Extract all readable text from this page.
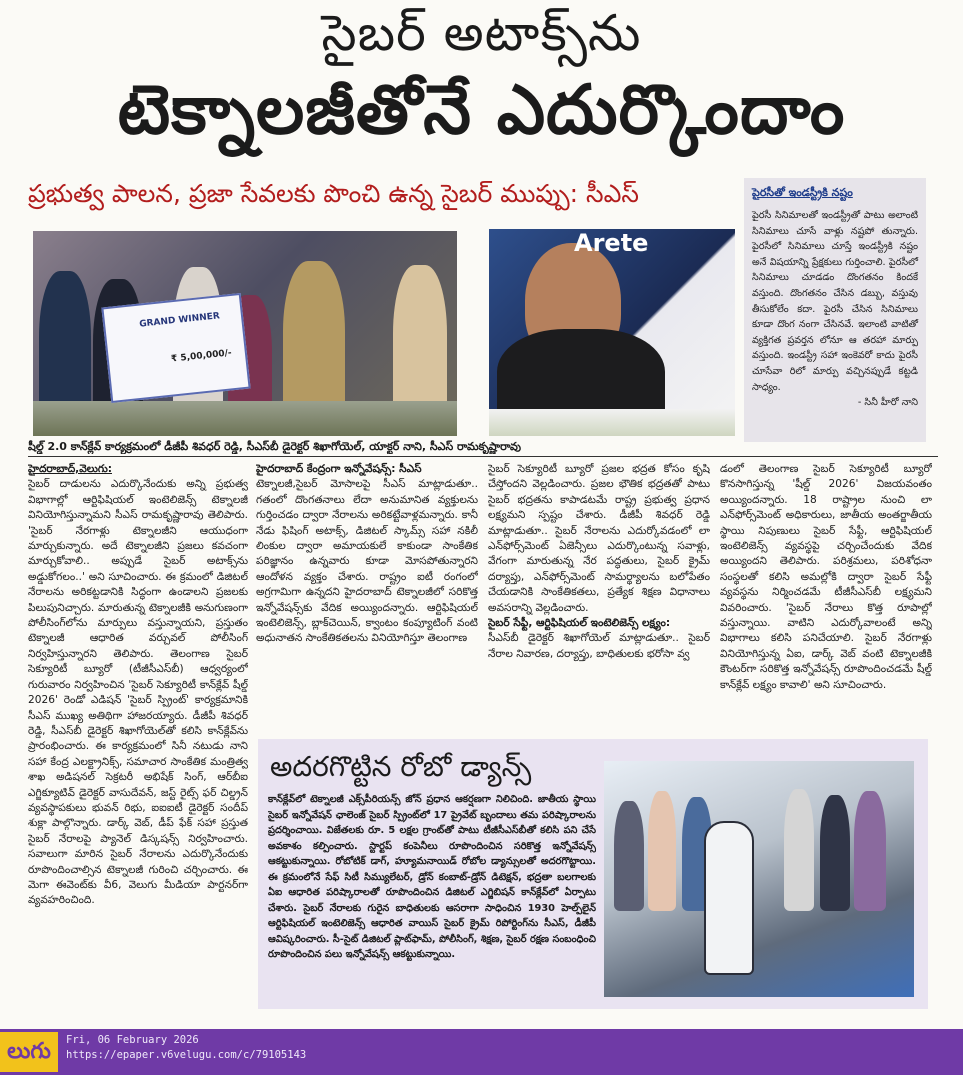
సైబర్ అటాక్స్‌ను
టెక్నాలజీతోనే ఎదుర్కొందాం
ప్రభుత్వ పాలన, ప్రజా సేవలకు పొంచి ఉన్న సైబర్ ముప్పు: సీఎస్
GRAND WINNER
₹ 5,00,000/-
Arete
షీల్డ్ 2.0 కాన్‌క్లేవ్ కార్యక్రమంలో డీజీపీ శివధర్ రెడ్డి, సీఎస్‌బీ డైరెక్టర్ శిఖాగోయెల్, యాక్టర్ నాని, సీఎస్ రామకృష్ణారావు
పైరసీతో ఇండస్ట్రీకి నష్టం
పైరసీ సినిమాలతో ఇండస్ట్రీతో పాటు అలాంటి సినిమాలు చూసే వాళ్లు నష్టపో తున్నారు. పైరసీలో సినిమాలు చూస్తే ఇండస్ట్రీకి నష్టం అనే విషయాన్ని ప్రేక్షకులు గుర్తించాలి. పైరసీలో సినిమాలు చూడడం దొంగతనం కిందకే వస్తుంది. దొంగతనం చేసిన డబ్బు, వస్తువు తీసుకోలేం కదా. పైరసీ చేసిన సినిమాలు కూడా దొంగ నంగా చేసినవే. ఇలాంటి వాటితో వ్యక్తిగత ప్రవర్తన లోనూ ఆ తరహా మార్పు వస్తుంది. ఇండస్ట్రీ సహా ఇంకెవరో కాదు పైరసీ చూసేవా రిలో మార్పు వచ్చినప్పుడే కట్టడి సాధ్యం.
- సినీ హీరో నాని

హైదరాబాద్,వెలుగు:

సైబర్ దాడులను ఎదుర్కొనేందుకు అన్ని ప్రభుత్వ విభాగాల్లో ఆర్టిఫిషియల్ ఇంటెలిజెన్స్ టెక్నాలజీ వినియోగిస్తున్నామని సీఎస్ రామకృష్ణారావు తెలిపారు. 'సైబర్ నేరగాళ్లు టెక్నాలజీని ఆయుధంగా మార్చుకున్నారు. అదే టెక్నాలజీని ప్రజలు కవచంగా మార్చుకోవాలి.. అప్పుడే సైబర్ అటాక్స్‌ను అడ్డుకోగలం..' అని సూచించారు. ఈ క్రమంలో డిజిటల్ నేరాలను అరికట్టడానికి సిద్ధంగా ఉండాలని ప్రజలకు పిలుపునిచ్చారు. మారుతున్న టెక్నాలజీకి అనుగుణంగా పోలీసింగ్‌లోను మార్పులు వస్తున్నాయని, ప్రస్తుతం టెక్నాలజీ ఆధారిత వర్చువల్ పోలీసింగ్ నిర్వహిస్తున్నారని తెలిపారు. తెలంగాణ సైబర్ సెక్యూరిటీ బ్యూరో (టీజీసీఎస్‌బీ) ఆధ్వర్యంలో గురువారం నిర్వహించిన 'సైబర్ సెక్యూరిటీ కాన్‌క్లేవ్ షీల్డ్ 2026' రెండో ఎడిషన్ 'సైబర్ స్ప్రింట్' కార్యక్రమానికి సీఎస్ ముఖ్య అతిథిగా హాజరయ్యారు. డీజీపీ శివధర్ రెడ్డి, సీఎస్‌బీ డైరెక్టర్ శిఖాగోయెల్‌తో కలిసి కాన్‌క్లేవ్‌ను ప్రారంభించారు. ఈ కార్యక్రమంలో సినీ నటుడు నాని సహా కేంద్ర ఎలక్ట్రానిక్స్, సమాచార సాంకేతిక మంత్రిత్వ శాఖ అడిషనల్ సెక్రటరీ అభిషేక్ సింగ్, ఆర్‌బీఐ ఎగ్జిక్యూటివ్ డైరెక్టర్ వాసుదేవన్, జస్ట్ రైట్స్ ఫర్ చిల్డ్రన్ వ్యవస్థాపకులు భువన్ రిభు, ఐఐఐటీ డైరెక్టర్ సందీప్ శుక్లా పాల్గొన్నారు. డార్క్ వెబ్, డీప్ ఫేక్ సహా ప్రస్తుత సైబర్ నేరాలపై ప్యానెల్ డిస్కషన్స్ నిర్వహించారు. సవాలుగా మారిన సైబర్ నేరాలను ఎదుర్కొనేందుకు రూపొందించాల్సిన టెక్నాలజీ గురించి చర్చించారు. ఈ మెగా ఈవెంట్‌కు వీ6, వెలుగు మీడియా పార్టనర్‌గా వ్యవహరించింది.

హైదరాబాద్ కేంద్రంగా ఇన్నోవేషన్స్: సీఎస్

టెక్నాలజీ,సైబర్ మోసాలపై సీఎస్ మాట్లాడుతూ.. గతంలో దొంగతనాలు లేదా అనుమానిత వ్యక్తులను గుర్తించడం ద్వారా నేరాలను అరికట్టేవాళ్లమన్నారు. కానీ నేడు ఫిషింగ్ అటాక్స్, డిజిటల్ స్కామ్స్ సహా నకిలీ లింకుల ద్వారా అమాయకులే కాకుండా సాంకేతిక పరిజ్ఞానం ఉన్నవారు కూడా మోసపోతున్నారని ఆందోళన వ్యక్తం చేశారు. రాష్ట్రం ఐటీ రంగంలో అగ్రగామిగా ఉన్నదని హైదరాబాద్ టెక్నాలజీలో సరికొత్త ఇన్నోవేషన్స్‌కు వేదిక అయ్యిందన్నారు. ఆర్టిఫిషియల్ ఇంటెలిజెన్స్, బ్లాక్‌చెయిన్, క్వాంటం కంప్యూటింగ్ వంటి అధునాతన సాంకేతికతలను వినియోగిస్తూ తెలంగాణ

సైబర్ సెక్యూరిటీ బ్యూరో ప్రజల భద్రత కోసం కృషి చేస్తోందని వెల్లడించారు. ప్రజల భౌతిక భద్రతతో పాటు సైబర్ భద్రతను కాపాడటమే రాష్ట్ర ప్రభుత్వ ప్రధాన లక్ష్యమని స్పష్టం చేశారు. డీజీపీ శివధర్ రెడ్డి మాట్లాడుతూ.. సైబర్ నేరాలను ఎదుర్కోవడంలో లా ఎన్‌ఫోర్స్‌మెంట్ ఏజెన్సీలు ఎదుర్కొంటున్న సవాళ్లు, వేగంగా మారుతున్న నేర పద్ధతులు, సైబర్ క్రైమ్ దర్యాప్తు, ఎన్‌ఫోర్స్‌మెంట్ సామర్థ్యాలను బలోపేతం చేయడానికి సాంకేతికతలు, ప్రత్యేక శిక్షణ విధానాలు అవసరాన్ని వెల్లడించారు.

సైబర్ సేఫ్టీ, ఆర్టిఫిషియల్ ఇంటెలిజెన్స్ లక్ష్యం:

సీఎస్‌బీ డైరెక్టర్ శిఖాగోయెల్ మాట్లాడుతూ.. సైబర్ నేరాల నివారణ, దర్యాప్తు, బాధితులకు భరోసా వ్వ

డంలో తెలంగాణ సైబర్ సెక్యూరిటీ బ్యూరో కొనసాగిస్తున్న 'షీల్డ్ 2026' విజయవంతం అయ్యిందన్నారు. 18 రాష్ట్రాల నుంచి లా ఎన్‌ఫోర్స్‌మెంట్ అధికారులు, జాతీయ అంతర్జాతీయ స్థాయి నిపుణులు సైబర్ సేఫ్టీ, ఆర్టిఫిషియల్ ఇంటెలిజెన్స్ వ్యవస్థపై చర్చించేందుకు వేదిక అయ్యిందని తెలిపారు. పరిశ్రమలు, పరిశోధనా సంస్థలతో కలిసి అమల్లోకి ద్వారా సైబర్ సేఫ్టీ వ్యవస్థను నిర్మించడమే టీజీసీఎస్‌బీ లక్ష్యమని వివరించారు. 'సైబర్ నేరాలు కొత్త రూపాల్లో వస్తున్నాయి. వాటిని ఎదుర్కోవాలంటే అన్ని విభాగాలు కలిసి పనిచేయాలి. సైబర్ నేరగాళ్లు వినియోగిస్తున్న ఏఐ, డార్క్ వెబ్ వంటి టెక్నాలజీకి కౌంటర్‌గా సరికొత్త ఇన్నోవేషన్స్ రూపొందించడమే షీల్డ్ కాన్‌క్లేవ్ లక్ష్యం కావాలి' అని సూచించారు.

అదరగొట్టిన రోబో డ్యాన్స్
కాన్‌క్లేవ్‌లో టెక్నాలజీ ఎక్స్‌పీరియన్స్ జోన్ ప్రధాన ఆకర్షణగా నిలిచింది. జాతీయ స్థాయి సైబర్ ఇన్నోవేషన్ ఛాలెంజ్ సైబర్ స్ప్రింట్‌లో 17 ప్రైవేట్ బృందాలు తమ పరిష్కారాలను ప్రదర్శించాయి. విజేతలకు రూ. 5 లక్షల గ్రాంట్‌తో పాటు టీజీసీఎస్‌బీతో కలిసి పని చేసే అవకాశం కల్పించారు. స్టార్టప్ కంపెనీలు రూపొందించిన సరికొత్త ఇన్నోవేషన్స్ ఆకట్టుకున్నాయి. రోబోటిక్ డాగ్, హ్యూమనాయిడ్ రోబోల డ్యాన్సులతో అదరగొట్టాయి. ఈ క్రమంలోనే సేఫ్ సిటీ సిమ్యులేటర్, డ్రోన్ కంబాట్-డ్రోన్ డిటెక్షన్, భద్రతా బలగాలకు ఏఐ ఆధారిత పరిష్కారాలతో రూపొందించిన డిజిటల్ ఎగ్జిబిషన్ కాన్‌క్లేవ్‌లో ఏర్పాటు చేశారు. సైబర్ నేరాలకు గురైన బాధితులకు ఆసరాగా సాధించిన 1930 హెల్ప్‌లైన్ ఆర్టిఫిషియల్ ఇంటెలిజెన్స్ ఆధారిత వాయిస్ సైబర్ క్రైమ్ రిపోర్టింగ్‌ను సీఎస్, డీజీపీ ఆవిష్కరించారు. సీ-సైట్ డిజిటల్ ప్లాట్‌ఫామ్, పోలీసింగ్, శిక్షణ, సైబర్ రక్షణ సంబంధించి రూపొందించిన పలు ఇన్నోవేషన్స్ ఆకట్టుకున్నాయి.
లుగు	Fri, 06 February 2026
https://epaper.v6velugu.com/c/79105143
